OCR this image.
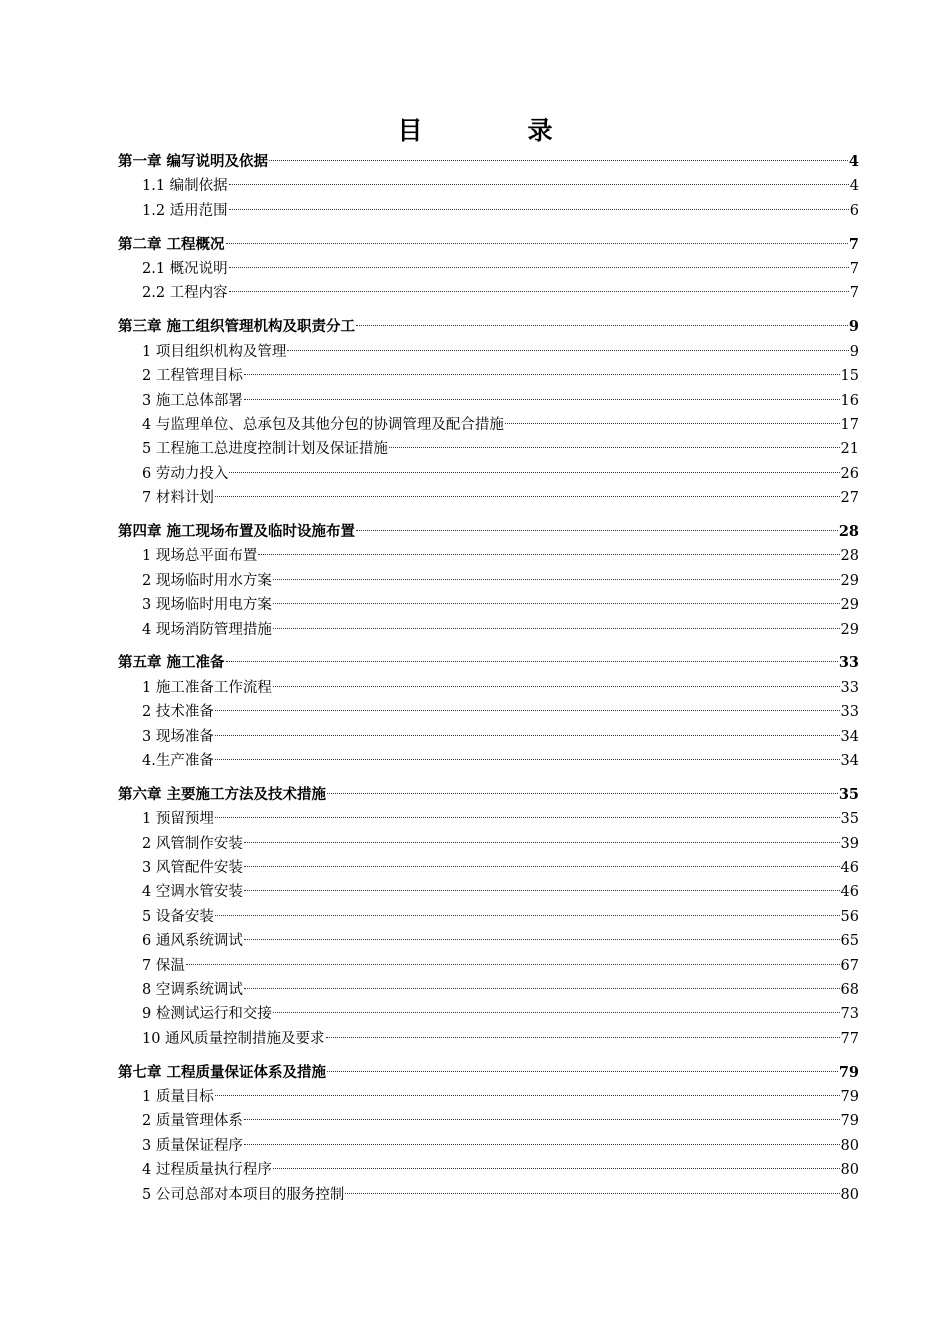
目　录
第一章 编写说明及依据	4
1.1 编制依据	4
1.2 适用范围	6
第二章 工程概况	7
2.1 概况说明	7
2.2 工程内容	7
第三章 施工组织管理机构及职责分工	9
1 项目组织机构及管理	9
2 工程管理目标	15
3 施工总体部署	16
4 与监理单位、总承包及其他分包的协调管理及配合措施	17
5 工程施工总进度控制计划及保证措施	21
6 劳动力投入	26
7 材料计划	27
第四章 施工现场布置及临时设施布置	28
1 现场总平面布置	28
2 现场临时用水方案	29
3 现场临时用电方案	29
4 现场消防管理措施	29
第五章 施工准备	33
1 施工准备工作流程	33
2 技术准备	33
3 现场准备	34
4.生产准备	34
第六章 主要施工方法及技术措施	35
1 预留预埋	35
2 风管制作安装	39
3 风管配件安装	46
4 空调水管安装	46
5 设备安装	56
6 通风系统调试	65
7 保温	67
8 空调系统调试	68
9 检测试运行和交接	73
10 通风质量控制措施及要求	77
第七章 工程质量保证体系及措施	79
1 质量目标	79
2 质量管理体系	79
3 质量保证程序	80
4 过程质量执行程序	80
5 公司总部对本项目的服务控制	80
